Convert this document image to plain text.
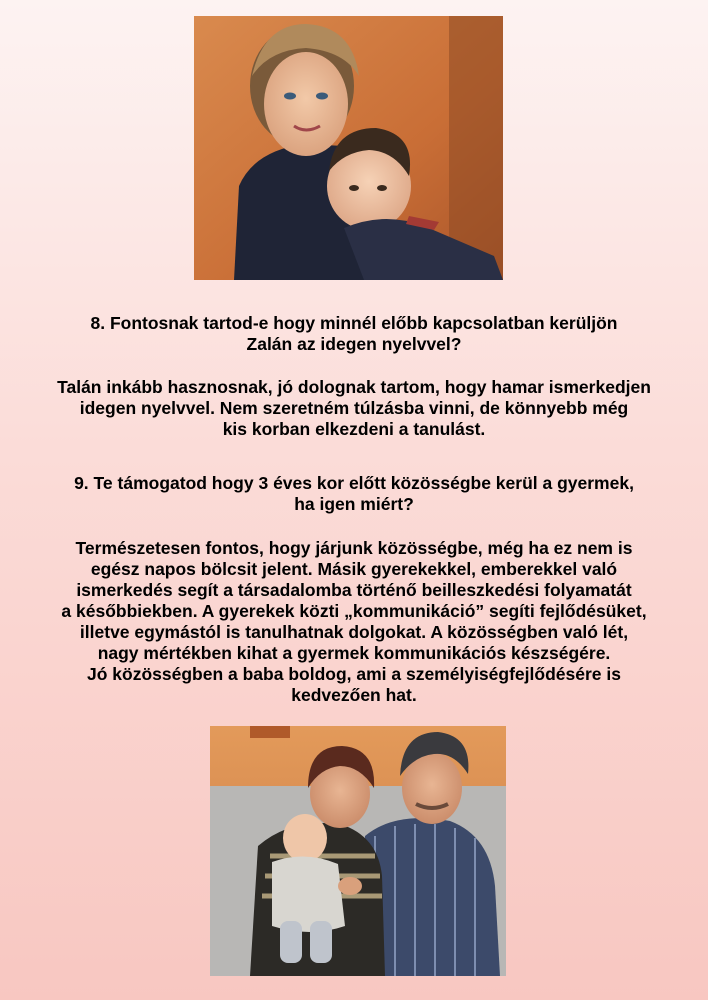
8. Fontosnak tartod-e hogy minnél előbb kapcsolatban kerüljön

Zalán az idegen nyelvvel?

Talán inkább hasznosnak, jó dolognak tartom, hogy hamar ismerkedjen

idegen nyelvvel. Nem szeretném túlzásba vinni, de könnyebb még

kis korban elkezdeni a tanulást.

9. Te támogatod hogy 3 éves kor előtt közösségbe kerül a gyermek,

ha igen miért?

Természetesen fontos, hogy járjunk közösségbe, még ha ez nem is

egész napos bölcsit jelent. Másik gyerekekkel, emberekkel való

ismerkedés segít a társadalomba történő beilleszkedési folyamatát

a későbbiekben. A gyerekek közti „kommunikáció” segíti fejlődésüket,

illetve egymástól is tanulhatnak dolgokat. A közösségben való lét,

nagy mértékben kihat a gyermek kommunikációs készségére.

Jó közösségben a baba boldog, ami a személyiségfejlődésére is

kedvezően hat.
